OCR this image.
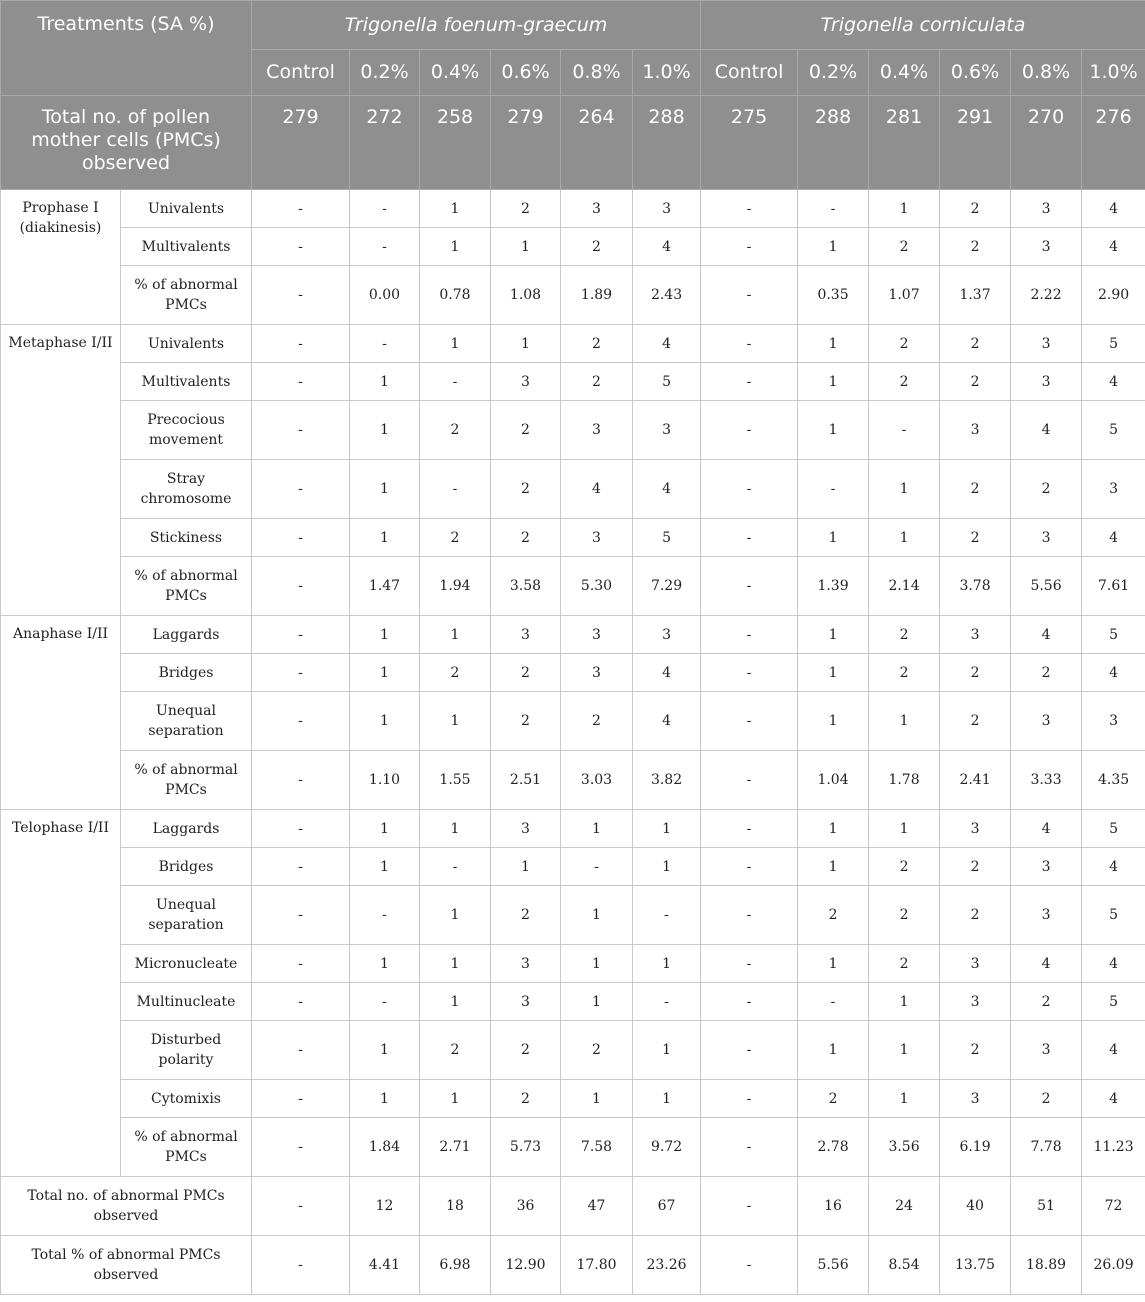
Treatments (SA %)		Trigonella foenum-graecum						Trigonella corniculata					
		Control	0.2%	0.4%	0.6%	0.8%	1.0%	Control	0.2%	0.4%	0.6%	0.8%	1.0%
Total no. of pollen mother cells (PMCs) observed		279	272	258	279	264	288	275	288	281	291	270	276
Prophase I (diakinesis)	Univalents	-	-	1	2	3	3	-	-	1	2	3	4
	Multivalents	-	-	1	1	2	4	-	1	2	2	3	4
	% of abnormal PMCs	-	0.00	0.78	1.08	1.89	2.43	-	0.35	1.07	1.37	2.22	2.90
Metaphase I/II	Univalents	-	-	1	1	2	4	-	1	2	2	3	5
	Multivalents	-	1	-	3	2	5	-	1	2	2	3	4
	Precocious movement	-	1	2	2	3	3	-	1	-	3	4	5
	Stray chromosome	-	1	-	2	4	4	-	-	1	2	2	3
	Stickiness	-	1	2	2	3	5	-	1	1	2	3	4
	% of abnormal PMCs	-	1.47	1.94	3.58	5.30	7.29	-	1.39	2.14	3.78	5.56	7.61
Anaphase I/II	Laggards	-	1	1	3	3	3	-	1	2	3	4	5
	Bridges	-	1	2	2	3	4	-	1	2	2	2	4
	Unequal separation	-	1	1	2	2	4	-	1	1	2	3	3
	% of abnormal PMCs	-	1.10	1.55	2.51	3.03	3.82	-	1.04	1.78	2.41	3.33	4.35
Telophase I/II	Laggards	-	1	1	3	1	1	-	1	1	3	4	5
	Bridges	-	1	-	1	-	1	-	1	2	2	3	4
	Unequal separation	-	-	1	2	1	-	-	2	2	2	3	5
	Micronucleate	-	1	1	3	1	1	-	1	2	3	4	4
	Multinucleate	-	-	1	3	1	-	-	-	1	3	2	5
	Disturbed polarity	-	1	2	2	2	1	-	1	1	2	3	4
	Cytomixis	-	1	1	2	1	1	-	2	1	3	2	4
	% of abnormal PMCs	-	1.84	2.71	5.73	7.58	9.72	-	2.78	3.56	6.19	7.78	11.23
Total no. of abnormal PMCs observed		-	12	18	36	47	67	-	16	24	40	51	72
Total % of abnormal PMCs observed		-	4.41	6.98	12.90	17.80	23.26	-	5.56	8.54	13.75	18.89	26.09
